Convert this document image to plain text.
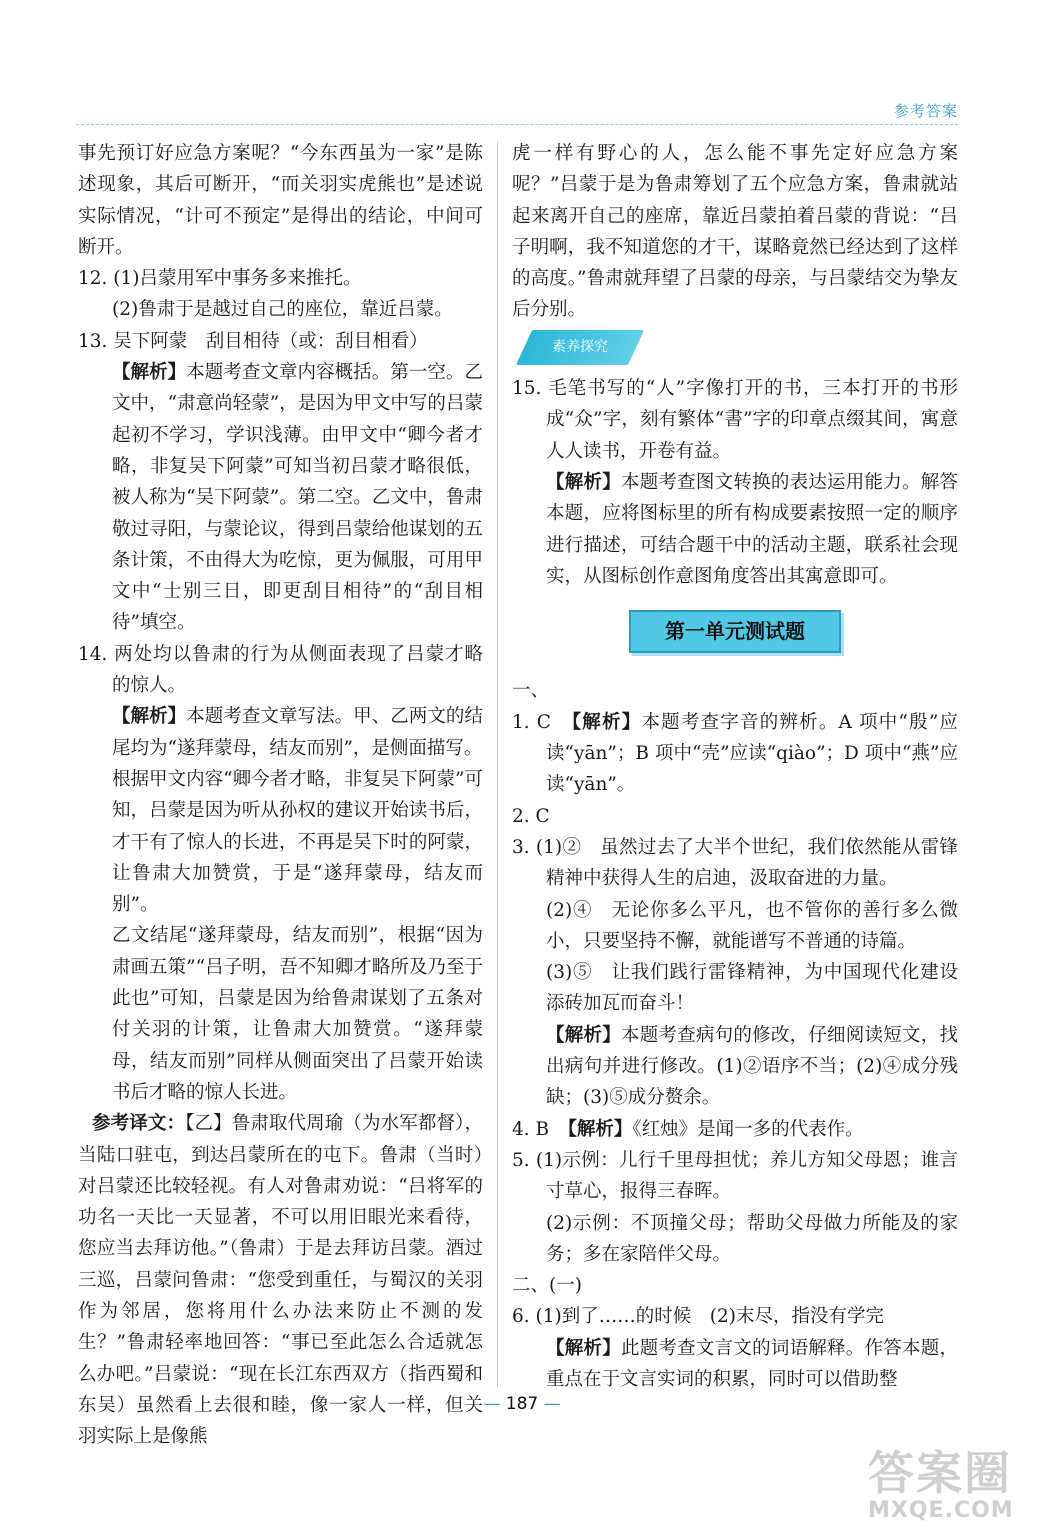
参考答案

事先预订好应急方案呢？“今东西虽为一家”是陈述现象，其后可断开，“而关羽实虎熊也”是述说实际情况，“计可不预定”是得出的结论，中间可断开。

12. (1)吕蒙用军中事务多来推托。

(2)鲁肃于是越过自己的座位，靠近吕蒙。

13. 吴下阿蒙　刮目相待（或：刮目相看）

【解析】本题考查文章内容概括。第一空。乙文中，“肃意尚轻蒙”，是因为甲文中写的吕蒙起初不学习，学识浅薄。由甲文中“卿今者才略，非复吴下阿蒙”可知当初吕蒙才略很低，被人称为“吴下阿蒙”。第二空。乙文中，鲁肃敬过寻阳，与蒙论议，得到吕蒙给他谋划的五条计策，不由得大为吃惊，更为佩服，可用甲文中“士别三日，即更刮目相待”的“刮目相待”填空。

14. 两处均以鲁肃的行为从侧面表现了吕蒙才略的惊人。

【解析】本题考查文章写法。甲、乙两文的结尾均为“遂拜蒙母，结友而别”，是侧面描写。

根据甲文内容“卿今者才略，非复吴下阿蒙”可知，吕蒙是因为听从孙权的建议开始读书后，才干有了惊人的长进，不再是吴下时的阿蒙，让鲁肃大加赞赏，于是“遂拜蒙母，结友而别”。

乙文结尾“遂拜蒙母，结友而别”，根据“因为肃画五策”“吕子明，吾不知卿才略所及乃至于此也”可知，吕蒙是因为给鲁肃谋划了五条对付关羽的计策，让鲁肃大加赞赏。“遂拜蒙母，结友而别”同样从侧面突出了吕蒙开始读书后才略的惊人长进。

参考译文：【乙】鲁肃取代周瑜（为水军都督），当陆口驻屯，到达吕蒙所在的屯下。鲁肃（当时）对吕蒙还比较轻视。有人对鲁肃劝说：“吕将军的功名一天比一天显著，不可以用旧眼光来看待，您应当去拜访他。”（鲁肃）于是去拜访吕蒙。酒过三巡，吕蒙问鲁肃：“您受到重任，与蜀汉的关羽作为邻居，您将用什么办法来防止不测的发生？”鲁肃轻率地回答：“事已至此怎么合适就怎么办吧。”吕蒙说：“现在长江东西双方（指西蜀和东吴）虽然看上去很和睦，像一家人一样，但关羽实际上是像熊

虎一样有野心的人，怎么能不事先定好应急方案呢？”吕蒙于是为鲁肃筹划了五个应急方案，鲁肃就站起来离开自己的座席，靠近吕蒙拍着吕蒙的背说：“吕子明啊，我不知道您的才干，谋略竟然已经达到了这样的高度。”鲁肃就拜望了吕蒙的母亲，与吕蒙结交为挚友后分别。

素养探究

15. 毛笔书写的“人”字像打开的书，三本打开的书形成“众”字，刻有繁体“書”字的印章点缀其间，寓意人人读书，开卷有益。

【解析】本题考查图文转换的表达运用能力。解答本题，应将图标里的所有构成要素按照一定的顺序进行描述，可结合题干中的活动主题，联系社会现实，从图标创作意图角度答出其寓意即可。

第一单元测试题

一、

1. C　【解析】本题考查字音的辨析。A 项中“殷”应读“yān”；B 项中“壳”应读“qiào”；D 项中“燕”应读“yān”。

2. C

3. (1)②　虽然过去了大半个世纪，我们依然能从雷锋精神中获得人生的启迪，汲取奋进的力量。

(2)④　无论你多么平凡，也不管你的善行多么微小，只要坚持不懈，就能谱写不普通的诗篇。

(3)⑤　让我们践行雷锋精神，为中国现代化建设添砖加瓦而奋斗！

【解析】本题考查病句的修改，仔细阅读短文，找出病句并进行修改。(1)②语序不当；(2)④成分残缺；(3)⑤成分赘余。

4. B　【解析】《红烛》是闻一多的代表作。

5. (1)示例：儿行千里母担忧；养儿方知父母恩；谁言寸草心，报得三春晖。

(2)示例：不顶撞父母；帮助父母做力所能及的家务；多在家陪伴父母。

二、(一)

6. (1)到了……的时候　(2)末尽，指没有学完

【解析】此题考查文言文的词语解释。作答本题，重点在于文言实词的积累，同时可以借助整

— 187 —
答案圈
MXQE.COM
